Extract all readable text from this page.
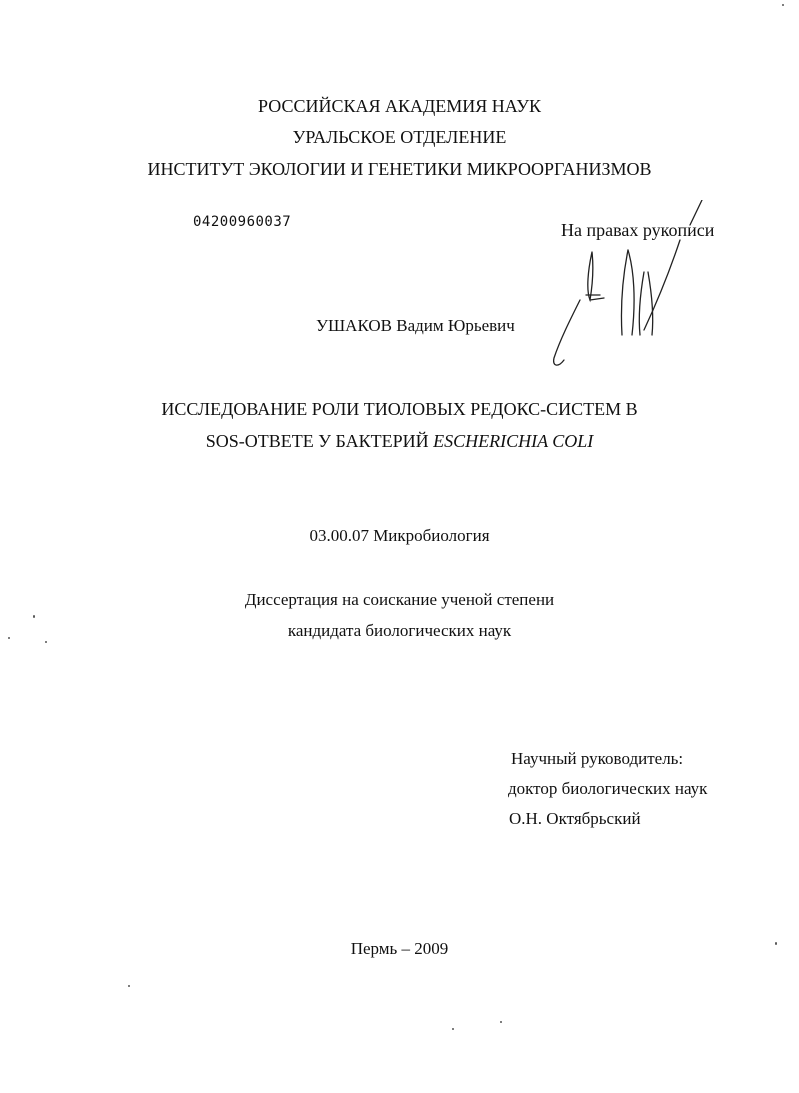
РОССИЙСКАЯ АКАДЕМИЯ НАУК
УРАЛЬСКОЕ ОТДЕЛЕНИЕ
ИНСТИТУТ ЭКОЛОГИИ И ГЕНЕТИКИ МИКРООРГАНИЗМОВ
04200960037	На правах рукописи
УШАКОВ Вадим Юрьевич
ИССЛЕДОВАНИЕ РОЛИ ТИОЛОВЫХ РЕДОКС-СИСТЕМ В
SOS-ОТВЕТЕ У БАКТЕРИЙ ESCHERICHIA COLI
03.00.07 Микробиология
Диссертация на соискание ученой степени
кандидата биологических наук
Научный руководитель:
доктор биологических наук
О.Н. Октябрьский
Пермь – 2009
